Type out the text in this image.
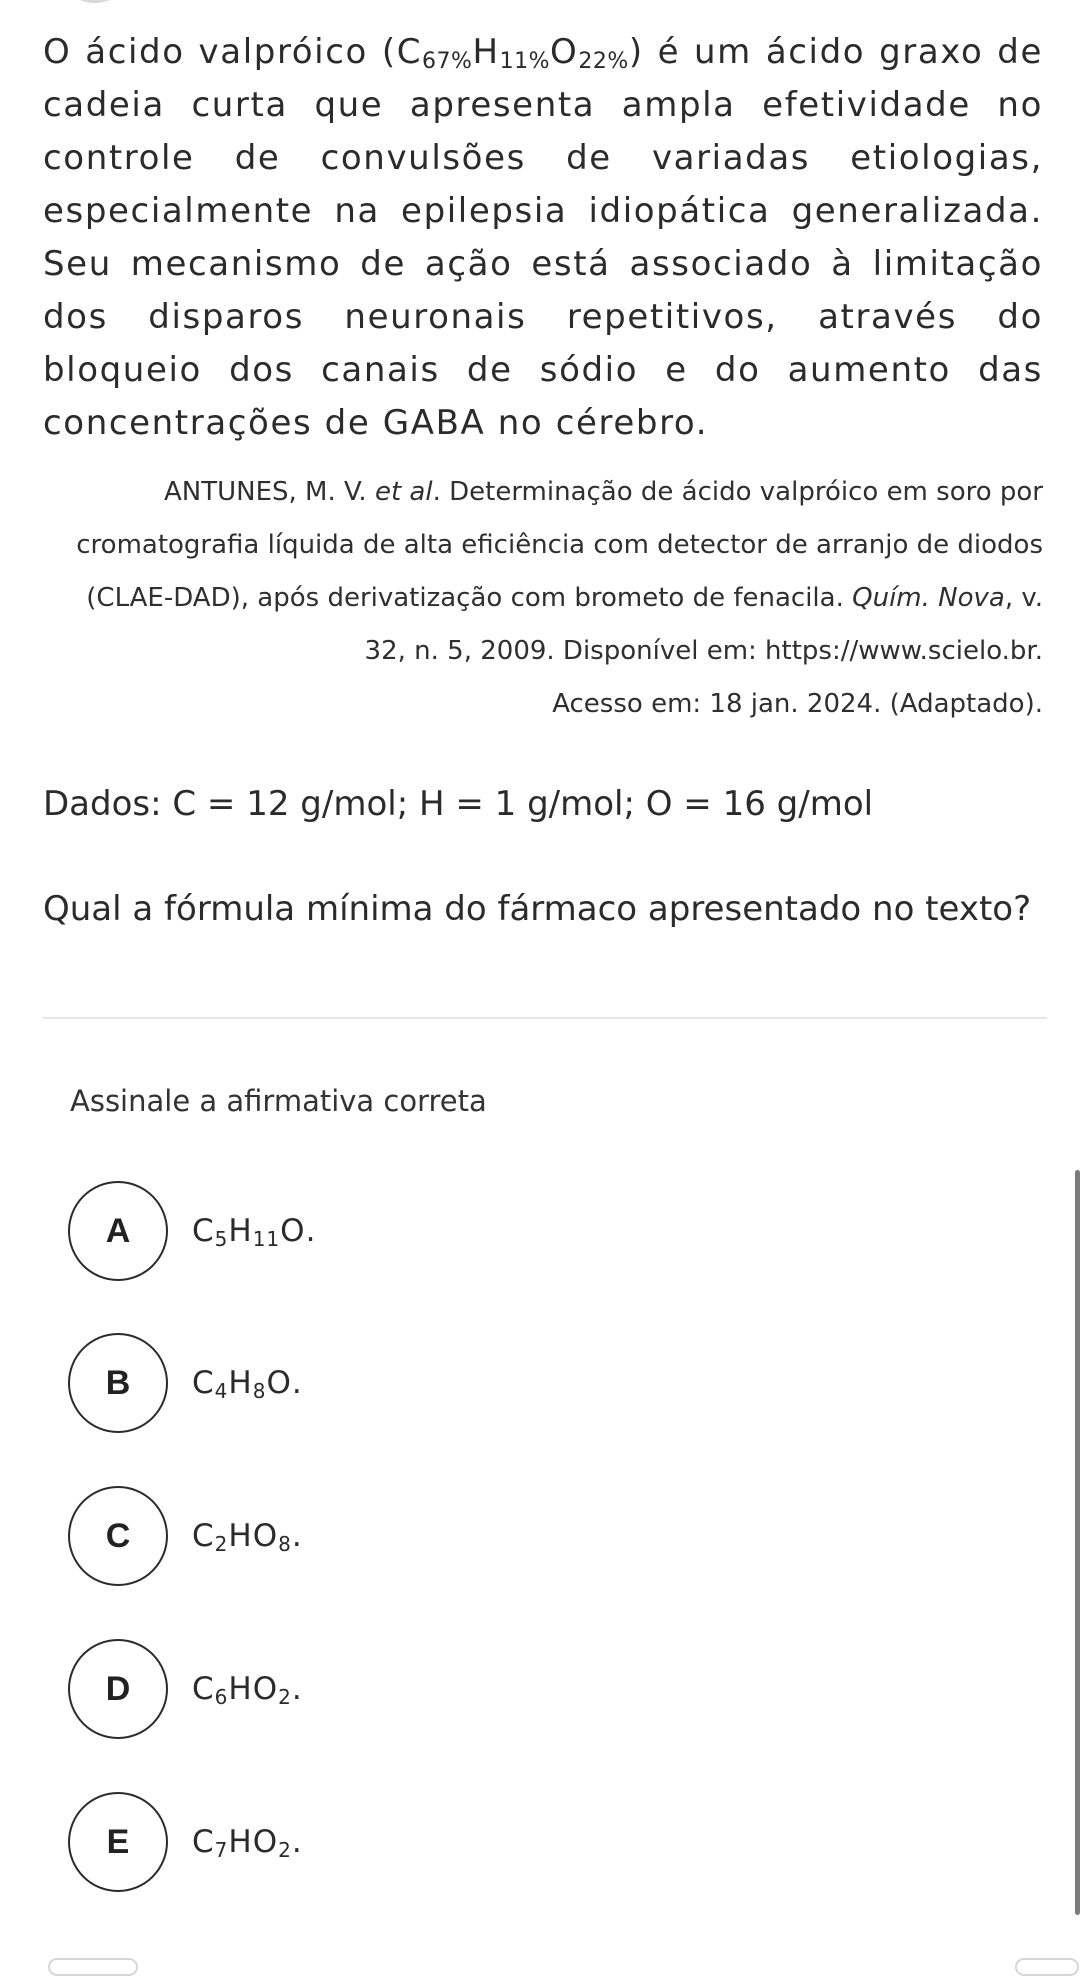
O ácido valpróico $(C_{67\%}H_{11\%}O_{22\%})$ é um ácido graxo de cadeia curta que apresenta ampla efetividade no controle de convulsões de variadas etiologias, especialmente na epilepsia idiopática generalizada. Seu mecanismo de ação está associado à limitação dos disparos neuronais repetitivos, através do bloqueio dos canais de sódio e do aumento das concentrações de GABA no cérebro.

ANTUNES, M. V. et al. Determinação de ácido valpróico em soro por cromatografia líquida de alta eficiência com detector de arranjo de diodos (CLAE-DAD), após derivatização com brometo de fenacila. Quím. Nova, v. 32, n. 5, 2009. Disponível em: https://www.scielo.br.

Acesso em: 18 jan. 2024. (Adaptado).

Dados: C = 12 g/mol; H = 1 g/mol; O = 16 g/mol

Qual a fórmula mínima do fármaco apresentado no texto?

Assinale a afirmativa correta

A	$C_5H_{11}O$.
B	$C_4H_8O$.
C	$C_2HO_8$.
D	$C_6HO_2$.
E	$C_7HO_2$.
